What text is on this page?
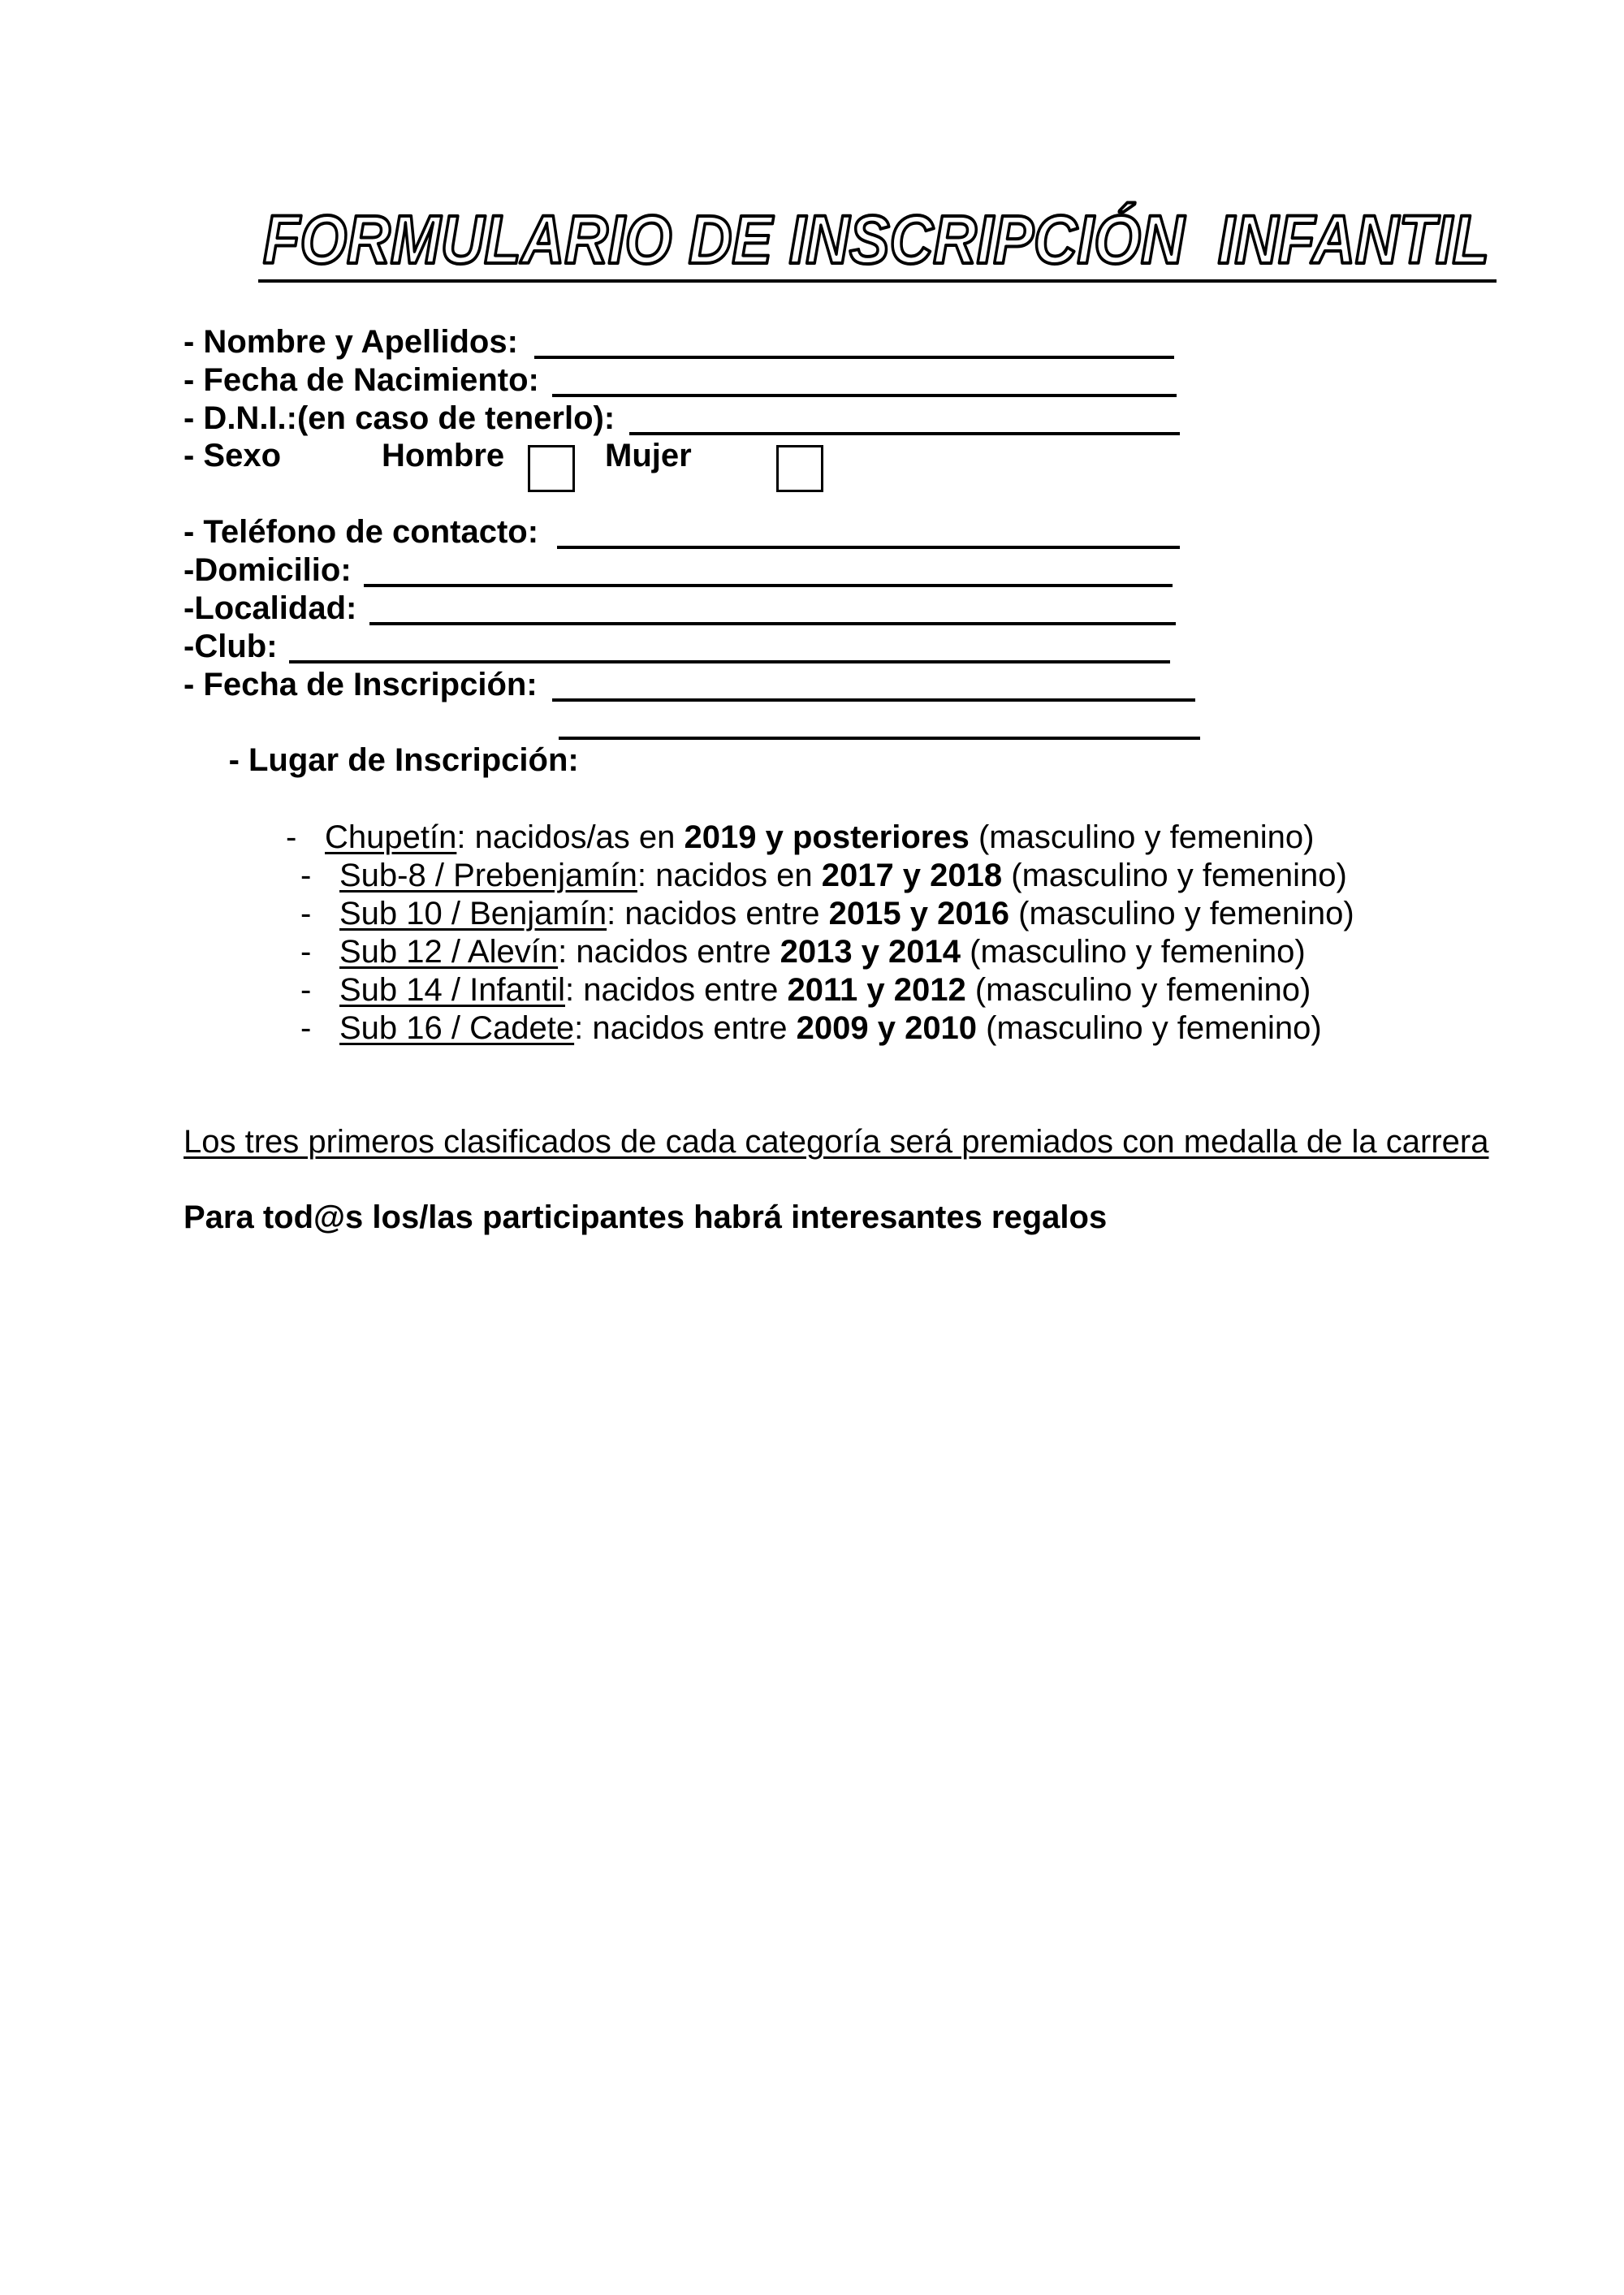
FORMULARIO DE INSCRIPCIÓN  INFANTIL
- Nombre y Apellidos:
- Fecha de Nacimiento:
- D.N.I.:(en caso de tenerlo):
- Sexo	Hombre	Mujer
- Teléfono de contacto:
-Domicilio:
-Localidad:
-Club:
- Fecha de Inscripción:

- Lugar de Inscripción:

- Chupetín: nacidos/as en 2019 y posteriores (masculino y femenino)
- Sub-8 / Prebenjamín: nacidos en 2017 y 2018 (masculino y femenino)
- Sub 10 / Benjamín: nacidos entre 2015 y 2016 (masculino y femenino)
- Sub 12 / Alevín: nacidos entre 2013 y 2014 (masculino y femenino)
- Sub 14 / Infantil: nacidos entre 2011 y 2012 (masculino y femenino)
- Sub 16 / Cadete: nacidos entre 2009 y 2010 (masculino y femenino)
Los tres primeros clasificados de cada categoría será premiados con medalla de la carrera
Para tod@s los/las participantes habrá interesantes regalos
